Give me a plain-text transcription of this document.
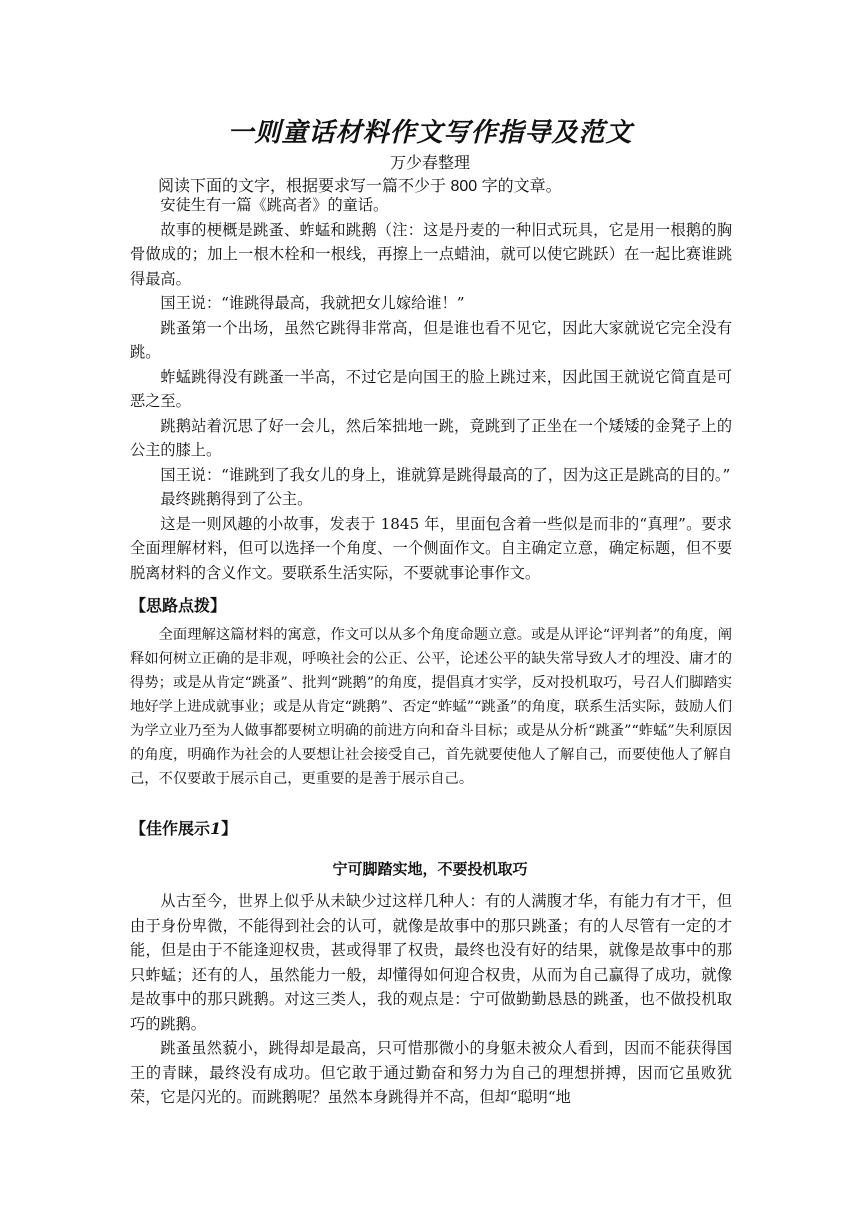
一则童话材料作文写作指导及范文
万少春整理
阅读下面的文字，根据要求写一篇不少于 800 字的文章。

安徒生有一篇《跳高者》的童话。

故事的梗概是跳蚤、蚱蜢和跳鹅（注：这是丹麦的一种旧式玩具，它是用一根鹅的胸骨做成的；加上一根木栓和一根线，再擦上一点蜡油，就可以使它跳跃）在一起比赛谁跳得最高。

国王说：“谁跳得最高，我就把女儿嫁给谁！”

跳蚤第一个出场，虽然它跳得非常高，但是谁也看不见它，因此大家就说它完全没有跳。

蚱蜢跳得没有跳蚤一半高，不过它是向国王的脸上跳过来，因此国王就说它简直是可恶之至。

跳鹅站着沉思了好一会儿，然后笨拙地一跳，竟跳到了正坐在一个矮矮的金凳子上的公主的膝上。

国王说：“谁跳到了我女儿的身上，谁就算是跳得最高的了，因为这正是跳高的目的。”

最终跳鹅得到了公主。

这是一则风趣的小故事，发表于 1845 年，里面包含着一些似是而非的“真理”。要求全面理解材料，但可以选择一个角度、一个侧面作文。自主确定立意，确定标题，但不要脱离材料的含义作文。要联系生活实际，不要就事论事作文。

【思路点拨】

全面理解这篇材料的寓意，作文可以从多个角度命题立意。或是从评论“评判者”的角度，阐释如何树立正确的是非观，呼唤社会的公正、公平，论述公平的缺失常导致人才的埋没、庸才的得势；或是从肯定“跳蚤”、批判“跳鹅”的角度，提倡真才实学，反对投机取巧，号召人们脚踏实地好学上进成就事业；或是从肯定“跳鹅”、否定“蚱蜢”“跳蚤”的角度，联系生活实际，鼓励人们为学立业乃至为人做事都要树立明确的前进方向和奋斗目标；或是从分析“跳蚤”“蚱蜢”失利原因的角度，明确作为社会的人要想让社会接受自己，首先就要使他人了解自己，而要使他人了解自己，不仅要敢于展示自己，更重要的是善于展示自己。

【佳作展示1】
宁可脚踏实地，不要投机取巧

从古至今，世界上似乎从未缺少过这样几种人：有的人满腹才华，有能力有才干，但由于身份卑微，不能得到社会的认可，就像是故事中的那只跳蚤；有的人尽管有一定的才能，但是由于不能逢迎权贵，甚或得罪了权贵，最终也没有好的结果，就像是故事中的那只蚱蜢；还有的人，虽然能力一般，却懂得如何迎合权贵，从而为自己赢得了成功，就像是故事中的那只跳鹅。对这三类人，我的观点是：宁可做勤勤恳恳的跳蚤，也不做投机取巧的跳鹅。

跳蚤虽然藐小，跳得却是最高，只可惜那微小的身躯未被众人看到，因而不能获得国王的青睐，最终没有成功。但它敢于通过勤奋和努力为自己的理想拼搏，因而它虽败犹荣，它是闪光的。而跳鹅呢？虽然本身跳得并不高，但却“聪明“地
